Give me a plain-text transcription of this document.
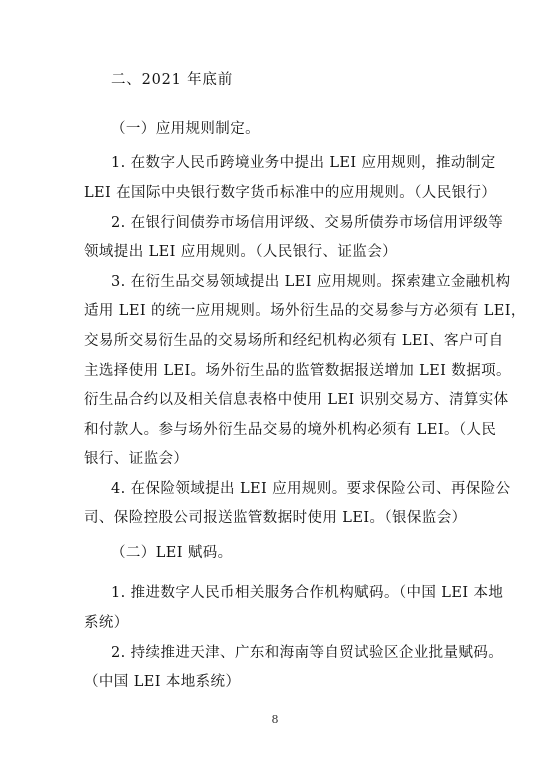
二、2021 年底前
（一）应用规则制定。
1. 在数字人民币跨境业务中提出 LEI 应用规则，推动制定
LEI 在国际中央银行数字货币标准中的应用规则。（人民银行）
2. 在银行间债券市场信用评级、交易所债券市场信用评级等
领域提出 LEI 应用规则。（人民银行、证监会）
3. 在衍生品交易领域提出 LEI 应用规则。探索建立金融机构
适用 LEI 的统一应用规则。场外衍生品的交易参与方必须有 LEI，
交易所交易衍生品的交易场所和经纪机构必须有 LEI、客户可自
主选择使用 LEI。场外衍生品的监管数据报送增加 LEI 数据项。
衍生品合约以及相关信息表格中使用 LEI 识别交易方、清算实体
和付款人。参与场外衍生品交易的境外机构必须有 LEI。（人民
银行、证监会）
4. 在保险领域提出 LEI 应用规则。要求保险公司、再保险公
司、保险控股公司报送监管数据时使用 LEI。（银保监会）
（二）LEI 赋码。
1. 推进数字人民币相关服务合作机构赋码。（中国 LEI 本地
系统）
2. 持续推进天津、广东和海南等自贸试验区企业批量赋码。
（中国 LEI 本地系统）
8
